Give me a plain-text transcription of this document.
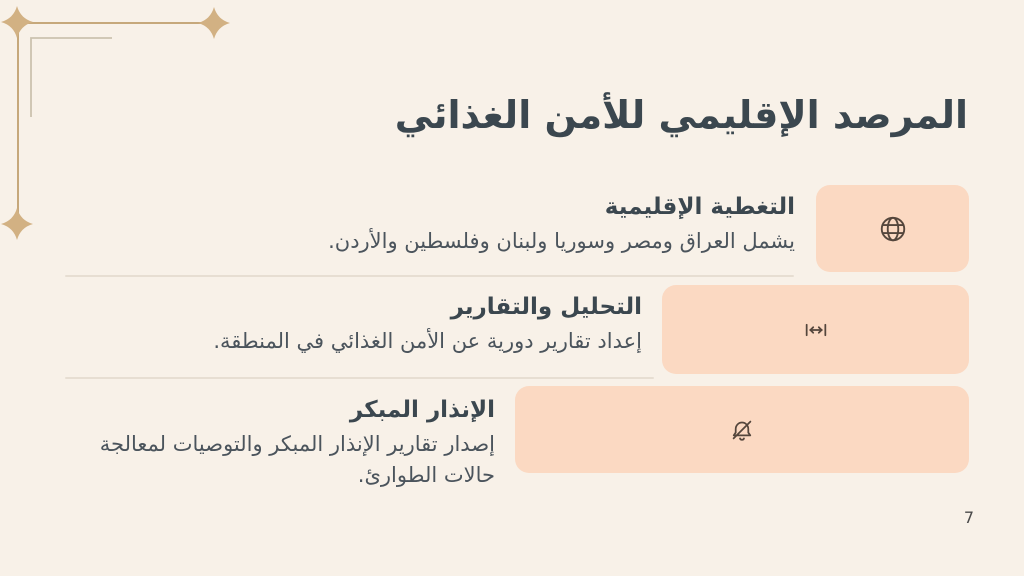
المرصد الإقليمي للأمن الغذائي

التغطية الإقليمية

يشمل العراق ومصر وسوريا ولبنان وفلسطين والأردن.

التحليل والتقارير

إعداد تقارير دورية عن الأمن الغذائي في المنطقة.

الإنذار المبكر

إصدار تقارير الإنذار المبكر والتوصيات لمعالجة حالات الطوارئ.

7
